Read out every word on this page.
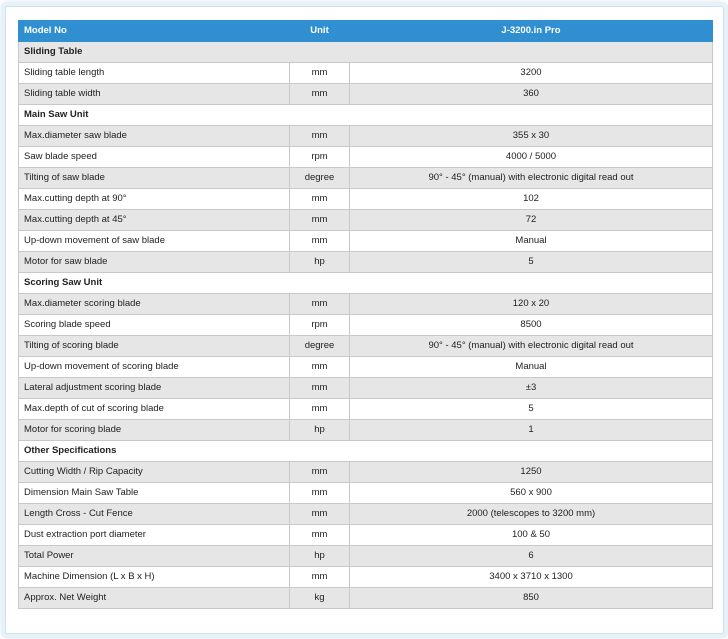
Model No	Unit	J-3200.in Pro
Sliding Table		
Sliding table length	mm	3200
Sliding table width	mm	360
Main Saw Unit		
Max.diameter saw blade	mm	355 x 30
Saw blade speed	rpm	4000 / 5000
Tilting of saw blade	degree	90° - 45° (manual) with electronic digital read out
Max.cutting depth at 90°	mm	102
Max.cutting depth at 45°	mm	72
Up-down movement of saw blade	mm	Manual
Motor for saw blade	hp	5
Scoring Saw Unit		
Max.diameter scoring blade	mm	120 x 20
Scoring blade speed	rpm	8500
Tilting of scoring blade	degree	90° - 45° (manual) with electronic digital read out
Up-down movement of scoring blade	mm	Manual
Lateral adjustment scoring blade	mm	±3
Max.depth of cut of scoring blade	mm	5
Motor for scoring blade	hp	1
Other Specifications		
Cutting Width / Rip Capacity	mm	1250
Dimension Main Saw Table	mm	560 x 900
Length Cross - Cut Fence	mm	2000 (telescopes to 3200 mm)
Dust extraction port diameter	mm	100 & 50
Total Power	hp	6
Machine Dimension (L x B x H)	mm	3400 x 3710 x 1300
Approx. Net Weight	kg	850
